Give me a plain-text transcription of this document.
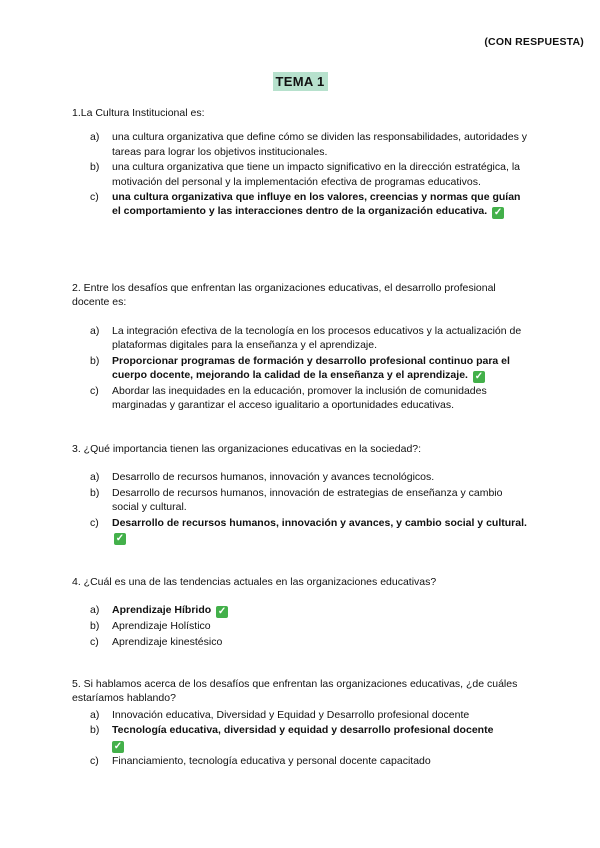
(CON RESPUESTA)
TEMA 1

1.La Cultura Institucional es:

a)	una cultura organizativa que define cómo se dividen las responsabilidades, autoridades y tareas para lograr los objetivos institucionales.
b)	una cultura organizativa que tiene un impacto significativo en la dirección estratégica, la motivación del personal y la implementación efectiva de programas educativos.
c)	una cultura organizativa que influye en los valores, creencias y normas que guían el comportamiento y las interacciones dentro de la organización educativa. ✓

2. Entre los desafíos que enfrentan las organizaciones educativas, el desarrollo profesional docente es:

a)	La integración efectiva de la tecnología en los procesos educativos y la actualización de plataformas digitales para la enseñanza y el aprendizaje.
b)	Proporcionar programas de formación y desarrollo profesional continuo para el cuerpo docente, mejorando la calidad de la enseñanza y el aprendizaje. ✓
c)	Abordar las inequidades en la educación, promover la inclusión de comunidades marginadas y garantizar el acceso igualitario a oportunidades educativas.

3. ¿Qué importancia tienen las organizaciones educativas en la sociedad?:

a)	Desarrollo de recursos humanos, innovación y avances tecnológicos.
b)	Desarrollo de recursos humanos, innovación de estrategias de enseñanza y cambio social y cultural.
c)	Desarrollo de recursos humanos, innovación y avances, y cambio social y cultural. ✓

4. ¿Cuál es una de las tendencias actuales en las organizaciones educativas?

a)	Aprendizaje Híbrido ✓
b)	Aprendizaje Holístico
c)	Aprendizaje kinestésico

5. Si hablamos acerca de los desafíos que enfrentan las organizaciones educativas, ¿de cuáles estaríamos hablando?

a)	Innovación educativa, Diversidad y Equidad y Desarrollo profesional docente
b)	Tecnología educativa, diversidad y equidad y desarrollo profesional docente
✓
c)	Financiamiento, tecnología educativa y personal docente capacitado
